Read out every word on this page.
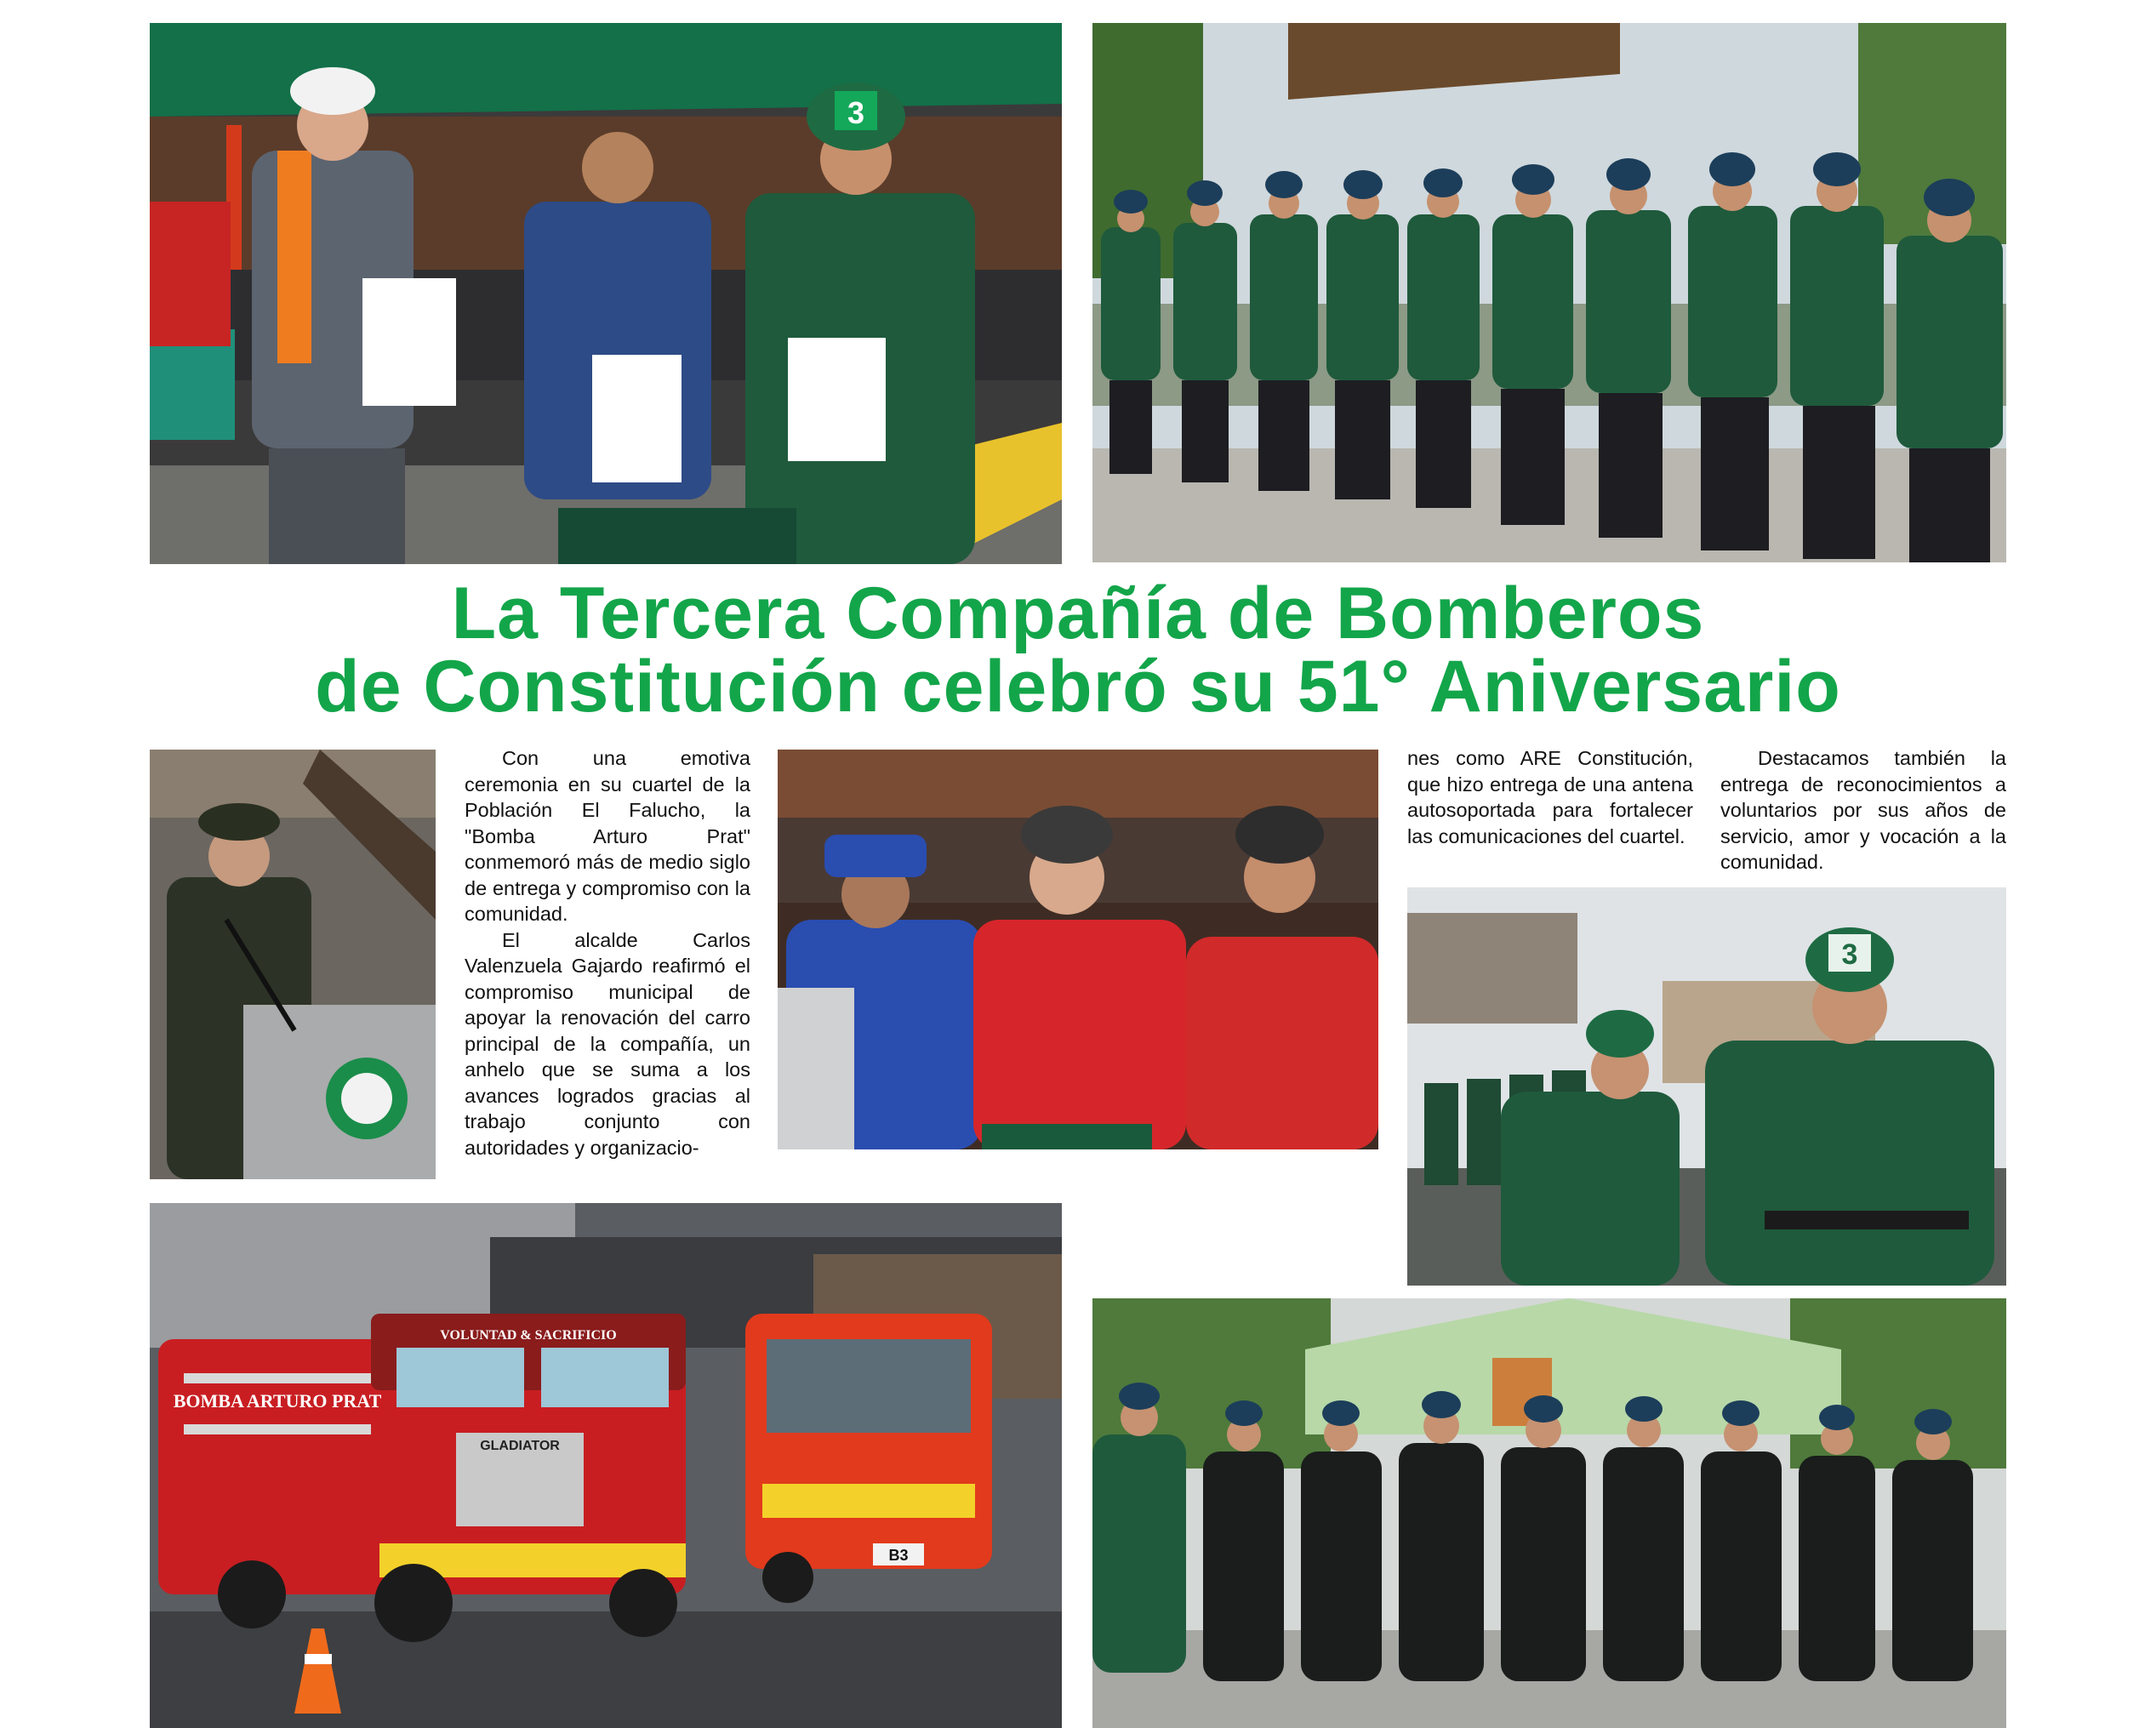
3
La Tercera Compañía de Bomberos
de Constitución celebró su 51° Aniversario

Con una emotiva ceremonia en su cuartel de la Población El Falucho, la "Bomba Arturo Prat" conmemoró más de medio siglo de entrega y compromiso con la comunidad.

El alcalde Carlos Valenzuela Gajardo reafirmó el compromiso municipal de apoyar la renovación del carro principal de la compañía, un anhelo que se suma a los avances logrados gracias al trabajo conjunto con autoridades y organizacio-

nes como ARE Constitución, que hizo entrega de una antena autosoportada para fortalecer las comunicaciones del cuartel.

Destacamos también la entrega de reconocimientos a voluntarios por sus años de servicio, amor y vocación a la comunidad.

3
VOLUNTAD & SACRIFICIO
BOMBA ARTURO PRAT
GLADIATOR
B3
